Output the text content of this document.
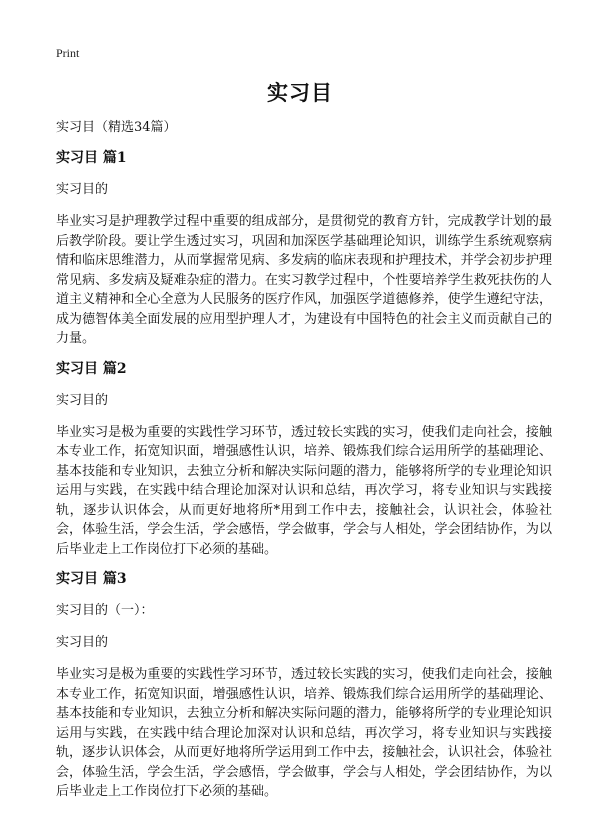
Print
实习目

实习目（精选34篇）

实习目 篇1

实习目的

毕业实习是护理教学过程中重要的组成部分，是贯彻党的教育方针，完成教学计划的最后教学阶段。要让学生透过实习，巩固和加深医学基础理论知识，训练学生系统观察病情和临床思维潜力，从而掌握常见病、多发病的临床表现和护理技术，并学会初步护理常见病、多发病及疑难杂症的潜力。在实习教学过程中，个性要培养学生救死扶伤的人道主义精神和全心全意为人民服务的医疗作风，加强医学道德修养，使学生遵纪守法，成为德智体美全面发展的应用型护理人才，为建设有中国特色的社会主义而贡献自己的力量。

实习目 篇2

实习目的

毕业实习是极为重要的实践性学习环节，透过较长实践的实习，使我们走向社会，接触本专业工作，拓宽知识面，增强感性认识，培养、锻炼我们综合运用所学的基础理论、基本技能和专业知识，去独立分析和解决实际问题的潜力，能够将所学的专业理论知识运用与实践，在实践中结合理论加深对认识和总结，再次学习，将专业知识与实践接轨，逐步认识体会，从而更好地将所*用到工作中去，接触社会，认识社会，体验社会，体验生活，学会生活，学会感悟，学会做事，学会与人相处，学会团结协作，为以后毕业走上工作岗位打下必须的基础。

实习目 篇3

实习目的（一）：

实习目的

毕业实习是极为重要的实践性学习环节，透过较长实践的实习，使我们走向社会，接触本专业工作，拓宽知识面，增强感性认识，培养、锻炼我们综合运用所学的基础理论、基本技能和专业知识，去独立分析和解决实际问题的潜力，能够将所学的专业理论知识运用与实践，在实践中结合理论加深对认识和总结，再次学习，将专业知识与实践接轨，逐步认识体会，从而更好地将所学运用到工作中去，接触社会，认识社会，体验社会，体验生活，学会生活，学会感悟，学会做事，学会与人相处，学会团结协作，为以后毕业走上工作岗位打下必须的基础。
